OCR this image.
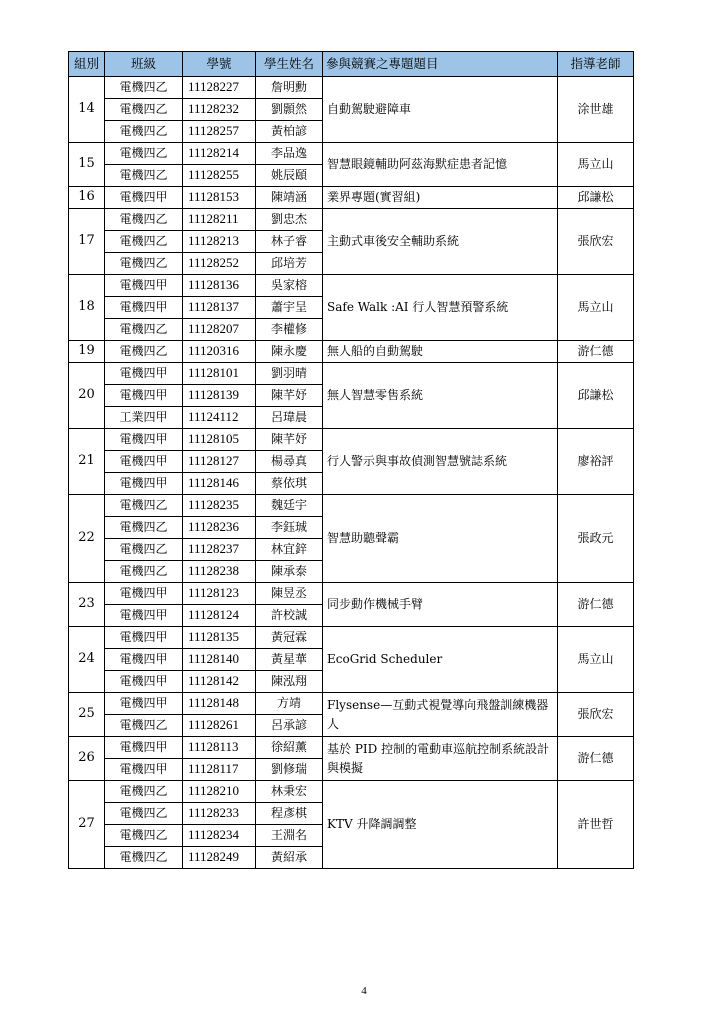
組別	班級	學號	學生姓名	參與競賽之專題題目	指導老師
14	電機四乙	11128227	詹明勳	自動駕駛避障車	涂世雄
	電機四乙	11128232	劉顥然		
	電機四乙	11128257	黃柏諺		
15	電機四乙	11128214	李品逸	智慧眼鏡輔助阿茲海默症患者記憶	馬立山
	電機四乙	11128255	姚辰頤		
16	電機四甲	11128153	陳靖涵	業界專題(實習組)	邱謙松
17	電機四乙	11128211	劉忠杰	主動式車後安全輔助系統	張欣宏
	電機四乙	11128213	林子睿		
	電機四乙	11128252	邱培芳		
18	電機四甲	11128136	吳家榕	Safe Walk :AI 行人智慧預警系統	馬立山
	電機四甲	11128137	蕭宇呈		
	電機四乙	11128207	李權修		
19	電機四乙	11120316	陳永慶	無人船的自動駕駛	游仁德
20	電機四甲	11128101	劉羽晴	無人智慧零售系統	邱謙松
	電機四甲	11128139	陳芊妤		
	工業四甲	11124112	呂瑋晨		
21	電機四甲	11128105	陳芊妤	行人警示與事故偵測智慧號誌系統	廖裕評
	電機四甲	11128127	楊尋真		
	電機四甲	11128146	蔡依琪		
22	電機四乙	11128235	魏廷宇	智慧助聽聲霸	張政元
	電機四乙	11128236	李鈺珹		
	電機四乙	11128237	林宜鋅		
	電機四乙	11128238	陳承泰		
23	電機四甲	11128123	陳昱丞	同步動作機械手臂	游仁德
	電機四甲	11128124	許校誠		
24	電機四甲	11128135	黃冠霖	EcoGrid Scheduler	馬立山
	電機四甲	11128140	黃星華		
	電機四甲	11128142	陳泓翔		
25	電機四甲	11128148	方靖	Flysense—互動式視覺導向飛盤訓練機器人	張欣宏
	電機四乙	11128261	呂承諺		
26	電機四甲	11128113	徐紹薰	基於 PID 控制的電動車巡航控制系統設計與模擬	游仁德
	電機四甲	11128117	劉修瑞		
27	電機四乙	11128210	林秉宏	KTV 升降調調整	許世哲
	電機四乙	11128233	程彥棋		
	電機四乙	11128234	王淵名		
	電機四乙	11128249	黃紹承		
4
